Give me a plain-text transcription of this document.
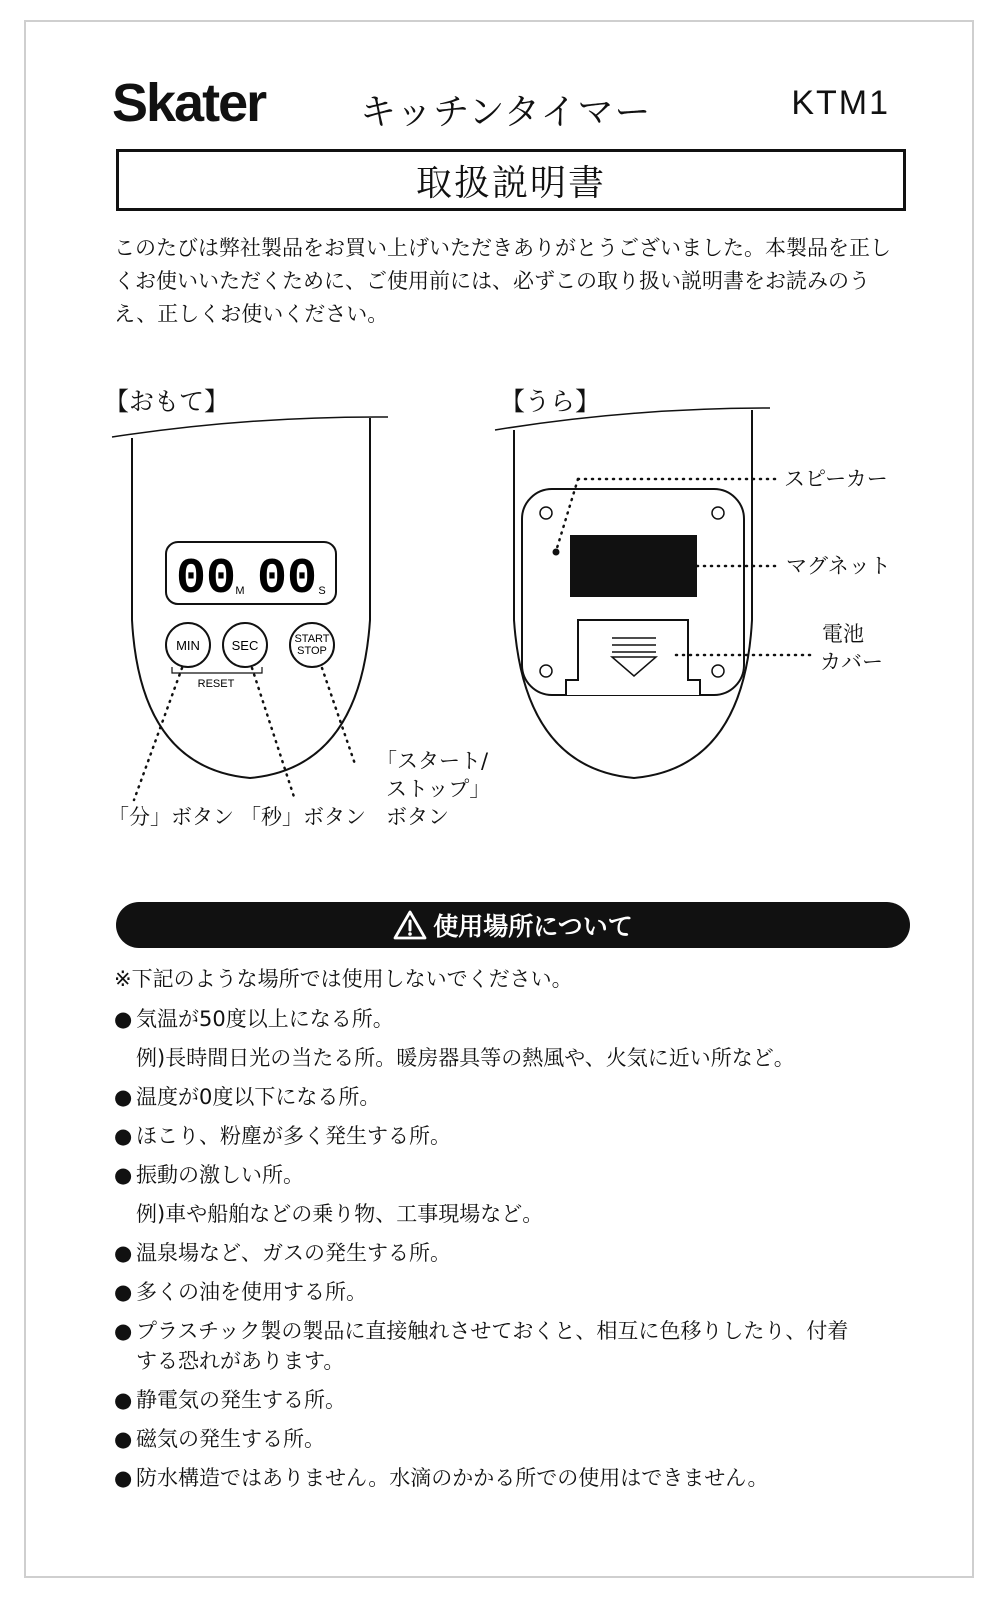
Skater	キッチンタイマー	KTM1
取扱説明書
このたびは弊社製品をお買い上げいただきありがとうございました。本製品を正しくお使いいただくために、ご使用前には、必ずこの取り扱い説明書をお読みのうえ、正しくお使いください。
【おもて】	【うら】
00 M 00 S
MIN SEC	START
STOP
RESET
「分」ボタン 「秒」ボタン
「スタート/
ストップ」
ボタン
スピーカー
マグネット
電池
カバー
使用場所について
※下記のような場所では使用しないでください。
● 気温が50度以上になる所。
例)長時間日光の当たる所。暖房器具等の熱風や、火気に近い所など。
● 温度が0度以下になる所。
● ほこり、粉塵が多く発生する所。
● 振動の激しい所。
例)車や船舶などの乗り物、工事現場など。
● 温泉場など、ガスの発生する所。
● 多くの油を使用する所。
● プラスチック製の製品に直接触れさせておくと、相互に色移りしたり、付着
する恐れがあります。
● 静電気の発生する所。
● 磁気の発生する所。
● 防水構造ではありません。水滴のかかる所での使用はできません。
